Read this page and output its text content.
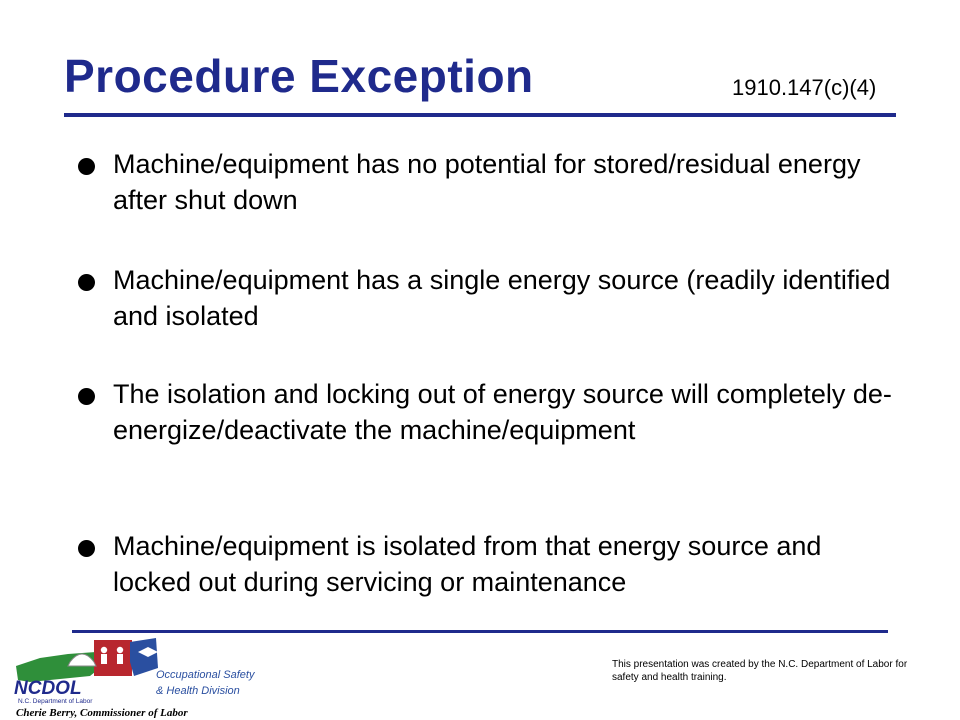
Procedure Exception	1910.147(c)(4)
Machine/equipment has no potential for stored/residual energy after shut down
Machine/equipment has a single energy source (readily identified and isolated
The isolation and locking out of energy source will completely de-energize/deactivate the machine/equipment
Machine/equipment is isolated from that energy source and locked out during servicing or maintenance
NCDOL
N.C. Department of Labor
Occupational Safety
& Health Division
Cherie Berry, Commissioner of Labor
This presentation was created by the N.C. Department of Labor for safety and health training.
